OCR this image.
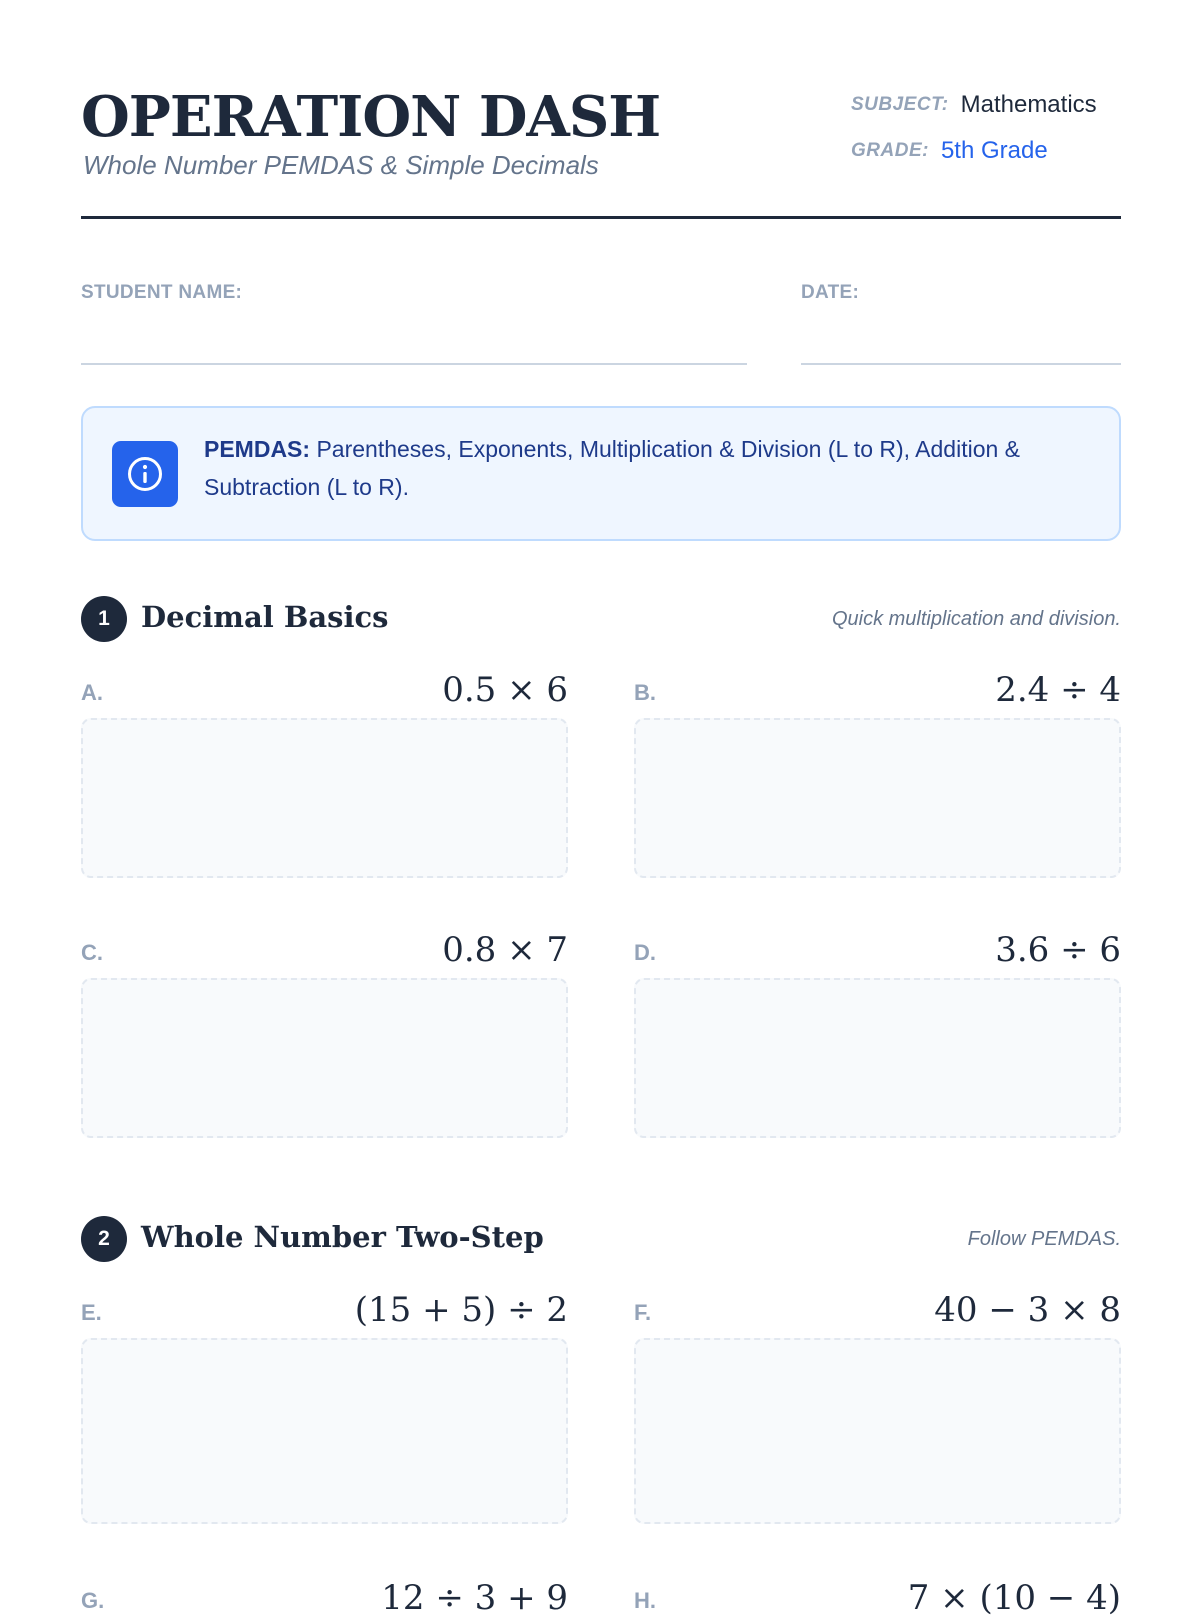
OPERATION DASH
Whole Number PEMDAS & Simple Decimals
SUBJECT: Mathematics
GRADE: 5th Grade
STUDENT NAME:	DATE:
PEMDAS: Parentheses, Exponents, Multiplication & Division (L to R), Addition & Subtraction (L to R).
1	Decimal Basics	Quick multiplication and division.
A.	0.5 × 6	B.	2.4 ÷ 4
C.	0.8 × 7	D.	3.6 ÷ 6
2	Whole Number Two-Step	Follow PEMDAS.
E.	(15 + 5) ÷ 2	F.	40 − 3 × 8
G.	12 ÷ 3 + 9	H.	7 × (10 − 4)
